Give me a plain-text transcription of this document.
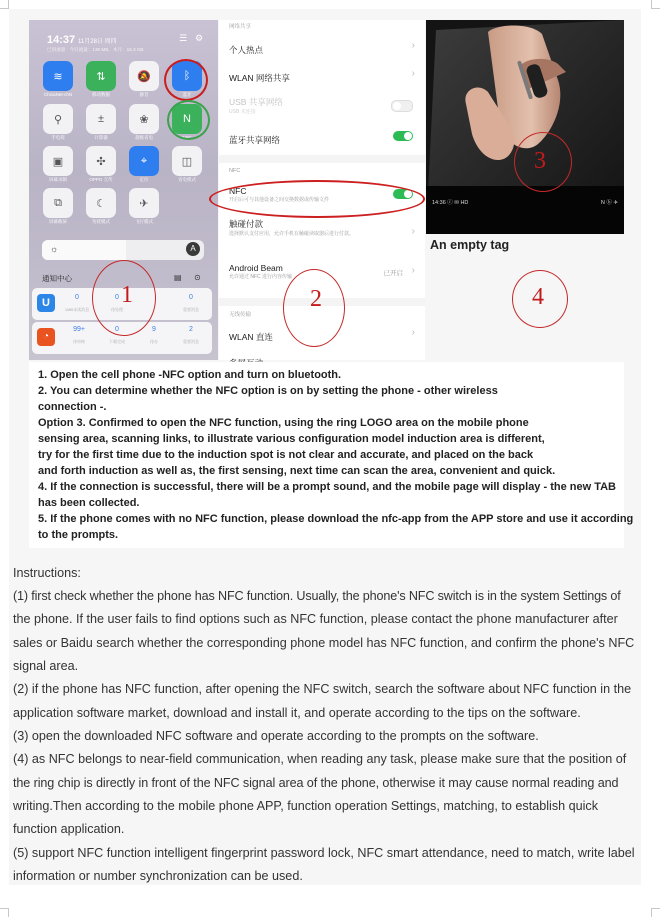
14:37 11月28日 周四
已用流量 · 今日流量：130 MB，本月：15.3 GB
☰ ⚙
≋	⇅	🔕	ᛒ
ChinaNet-chN	移动数据	静音	蓝牙
⚲	±	❀	N
手电筒	计算器	超级省电	NFC
▣	✣	⌖	◫
屏幕录制	OPPO 互传	定位	省电模式
⧉	☾	✈
屏幕截屏	勿扰模式	飞行模式
☼	A
通知中心	▤ ⊙
U	0
1MB未读消息
0
待处理
0
重要消息
◔
99+
待审核
0
下载完成
9
待办
2
重要消息
1
网络共享
个人热点	›
WLAN 网络共享	›
USB 共享网络
USB 未连接
蓝牙共享网络
NFC
NFC
开启后可与其他设备之间交换数据或传输文件
触碰付款
选择默认支付应用，允许手机在触碰读取器后进行付款。	›
Android Beam
允许通过 NFC 进行内容传输	已开启 ›
无线传输
WLAN 直连	›
2
14:36 ⓒ ✉ HD	N ⓑ ✈
3
An empty tag
4

1. Open the cell phone -NFC option and turn on bluetooth.

2. You can determine whether the NFC option is on by setting the phone - other wireless

connection -.

Option 3. Confirmed to open the NFC function, using the ring LOGO area on the mobile phone

sensing area, scanning links, to illustrate various configuration model induction area is different,

try for the first time due to the induction spot is not clear and accurate, and placed on the back

and forth induction as well as, the first sensing, next time can scan the area, convenient and quick.

4. If the connection is successful, there will be a prompt sound, and the mobile page will display - the new TAB

has been collected.

5. If the phone comes with no NFC function, please download the nfc-app from the APP store and use it according

to the prompts.

Instructions:
(1) first check whether the phone has NFC function. Usually, the phone's NFC switch is in the system Settings of
the phone. If the user fails to find options such as NFC function, please contact the phone manufacturer after
sales or Baidu search whether the corresponding phone model has NFC function, and confirm the phone's NFC
signal area.
(2) if the phone has NFC function, after opening the NFC switch, search the software about NFC function in the
application software market, download and install it, and operate according to the tips on the software.
(3) open the downloaded NFC software and operate according to the prompts on the software.
(4) as NFC belongs to near-field communication, when reading any task, please make sure that the position of
the ring chip is directly in front of the NFC signal area of the phone, otherwise it may cause normal reading and
writing.Then according to the mobile phone APP, function operation Settings, matching, to establish quick
function application.
(5) support NFC function intelligent fingerprint password lock, NFC smart attendance, need to match, write label
information or number synchronization can be used.
